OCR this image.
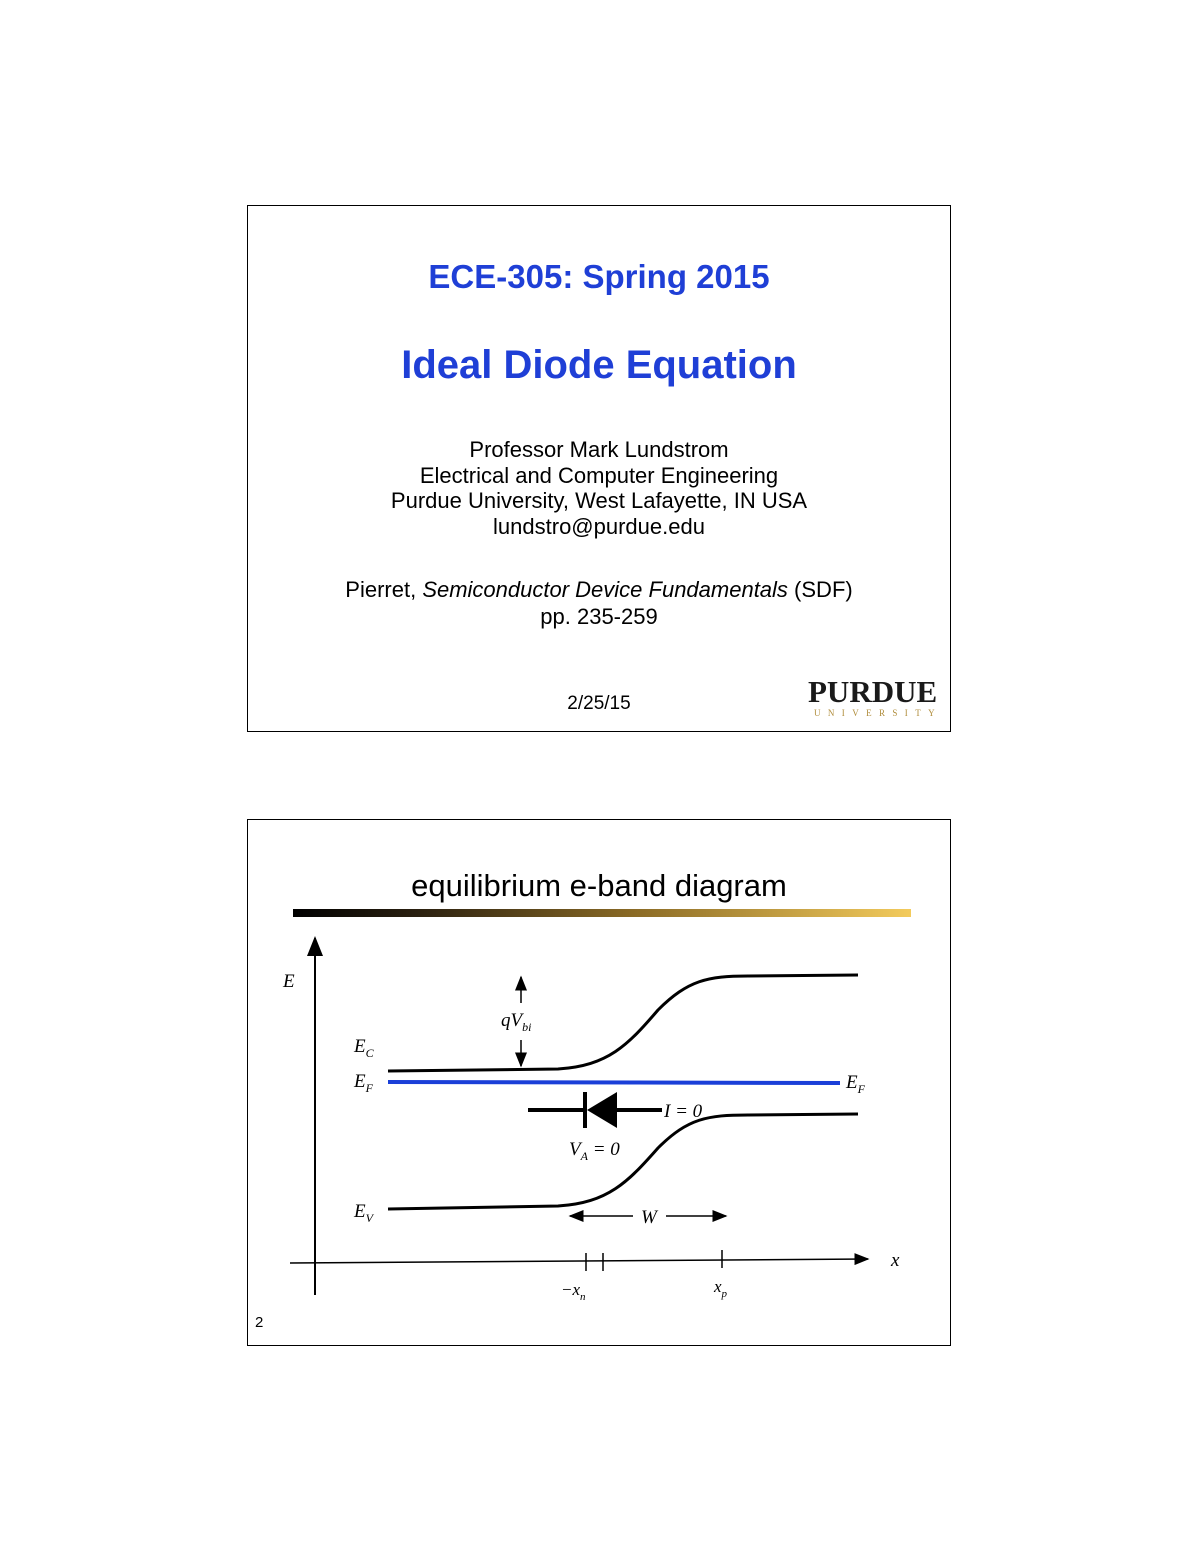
ECE-305: Spring 2015
Ideal Diode Equation
Professor Mark Lundstrom
Electrical and Computer Engineering
Purdue University, West Lafayette, IN USA
lundstro@purdue.edu
Pierret, Semiconductor Device Fundamentals (SDF)
pp. 235-259
2/25/15	PURDUE
UNIVERSITY
equilibrium e-band diagram
E
x
$E_C$
$E_F$	$E_F$
$E_V$
$qV_{bi}$
I = 0
$V_A = 0$
W
$-x_n$
$x_p$
2
